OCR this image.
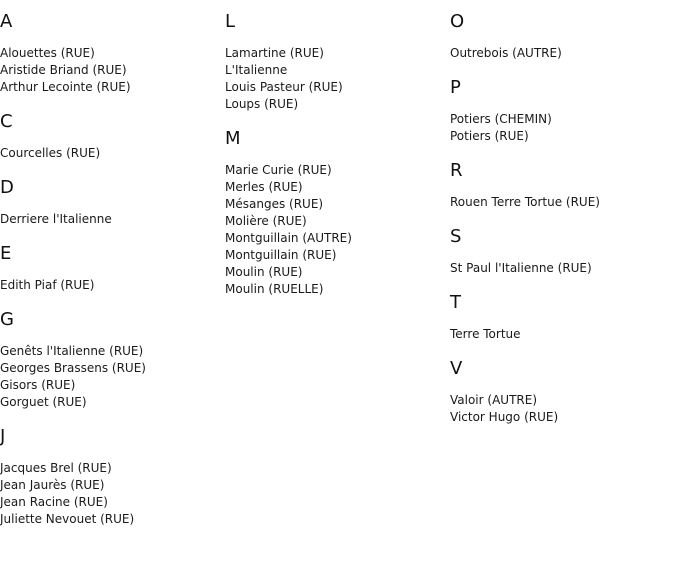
A
Alouettes (RUE)
Aristide Briand (RUE)
Arthur Lecointe (RUE)
C
Courcelles (RUE)
D
Derriere l'Italienne
E
Edith Piaf (RUE)
G
Genêts l'Italienne (RUE)
Georges Brassens (RUE)
Gisors (RUE)
Gorguet (RUE)
J
Jacques Brel (RUE)
Jean Jaurès (RUE)
Jean Racine (RUE)
Juliette Nevouet (RUE)
L
Lamartine (RUE)
L'Italienne
Louis Pasteur (RUE)
Loups (RUE)
M
Marie Curie (RUE)
Merles (RUE)
Mésanges (RUE)
Molière (RUE)
Montguillain (AUTRE)
Montguillain (RUE)
Moulin (RUE)
Moulin (RUELLE)
O
Outrebois (AUTRE)
P
Potiers (CHEMIN)
Potiers (RUE)
R
Rouen Terre Tortue (RUE)
S
St Paul l'Italienne (RUE)
T
Terre Tortue
V
Valoir (AUTRE)
Victor Hugo (RUE)
